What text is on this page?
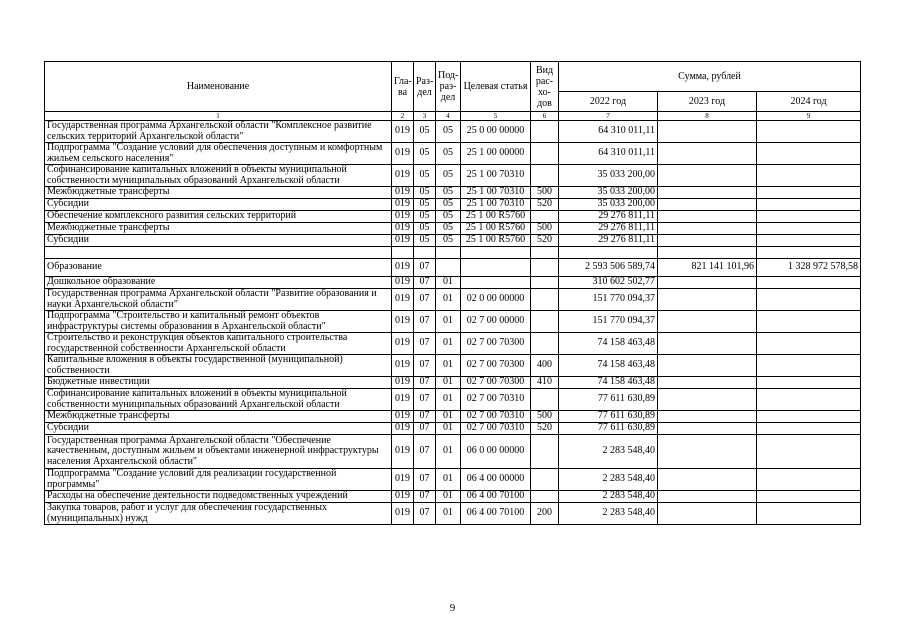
Наименование	Гла-ва	Раз-дел	Под-раз-дел	Целевая статья	Вид рас-хо-дов	Сумма, рублей		
						2022 год	2023 год	2024 год
1	2	3	4	5	6	7	8	9
Государственная программа Архангельской области "Комплексное развитие сельских территорий Архангельской области"	019	05	05	25 0 00 00000		64 310 011,11		
Подпрограмма "Создание условий для обеспечения доступным и комфортным жильем сельского населения"	019	05	05	25 1 00 00000		64 310 011,11		
Софинансирование капитальных вложений в объекты муниципальной собственности муниципальных образований Архангельской области	019	05	05	25 1 00 70310		35 033 200,00		
Межбюджетные трансферты	019	05	05	25 1 00 70310	500	35 033 200,00		
Субсидии	019	05	05	25 1 00 70310	520	35 033 200,00		
Обеспечение комплексного развития сельских территорий	019	05	05	25 1 00 R5760		29 276 811,11		
Межбюджетные трансферты	019	05	05	25 1 00 R5760	500	29 276 811,11		
Субсидии	019	05	05	25 1 00 R5760	520	29 276 811,11		

Образование	019	07				2 593 506 589,74	821 141 101,96	1 328 972 578,58
Дошкольное образование	019	07	01			310 602 502,77		
Государственная программа Архангельской области "Развитие образования и науки Архангельской области"	019	07	01	02 0 00 00000		151 770 094,37		
Подпрограмма "Строительство и капитальный ремонт объектов инфраструктуры системы образования в Архангельской области"	019	07	01	02 7 00 00000		151 770 094,37		
Строительство и реконструкция объектов капитального строительства государственной собственности Архангельской области	019	07	01	02 7 00 70300		74 158 463,48		
Капитальные вложения в объекты государственной (муниципальной) собственности	019	07	01	02 7 00 70300	400	74 158 463,48		
Бюджетные инвестиции	019	07	01	02 7 00 70300	410	74 158 463,48		
Софинансирование капитальных вложений в объекты муниципальной собственности муниципальных образований Архангельской области	019	07	01	02 7 00 70310		77 611 630,89		
Межбюджетные трансферты	019	07	01	02 7 00 70310	500	77 611 630,89		
Субсидии	019	07	01	02 7 00 70310	520	77 611 630,89		
Государственная программа Архангельской области "Обеспечение качественным, доступным жильем и объектами инженерной инфраструктуры населения Архангельской области"	019	07	01	06 0 00 00000		2 283 548,40		
Подпрограмма "Создание условий для реализации государственной программы"	019	07	01	06 4 00 00000		2 283 548,40		
Расходы на обеспечение деятельности подведомственных учреждений	019	07	01	06 4 00 70100		2 283 548,40		
Закупка товаров, работ и услуг для обеспечения государственных (муниципальных) нужд	019	07	01	06 4 00 70100	200	2 283 548,40		
9
